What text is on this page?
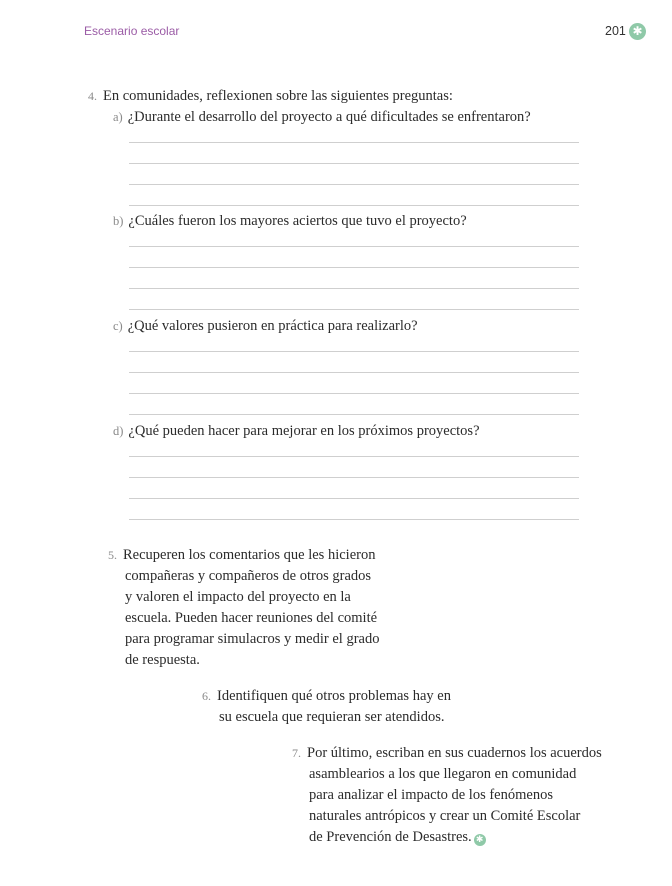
Escenario escolar	201 ✱
4. En comunidades, reflexionen sobre las siguientes preguntas:
a) ¿Durante el desarrollo del proyecto a qué dificultades se enfrentaron?
b) ¿Cuáles fueron los mayores aciertos que tuvo el proyecto?
c) ¿Qué valores pusieron en práctica para realizarlo?
d) ¿Qué pueden hacer para mejorar en los próximos proyectos?
5. Recuperen los comentarios que les hicieron
compañeras y compañeros de otros grados
y valoren el impacto del proyecto en la
escuela. Pueden hacer reuniones del comité
para programar simulacros y medir el grado
de respuesta.
6. Identifiquen qué otros problemas hay en
su escuela que requieran ser atendidos.
7. Por último, escriban en sus cuadernos los acuerdos
asamblearios a los que llegaron en comunidad
para analizar el impacto de los fenómenos
naturales antrópicos y crear un Comité Escolar
de Prevención de Desastres. ✱
